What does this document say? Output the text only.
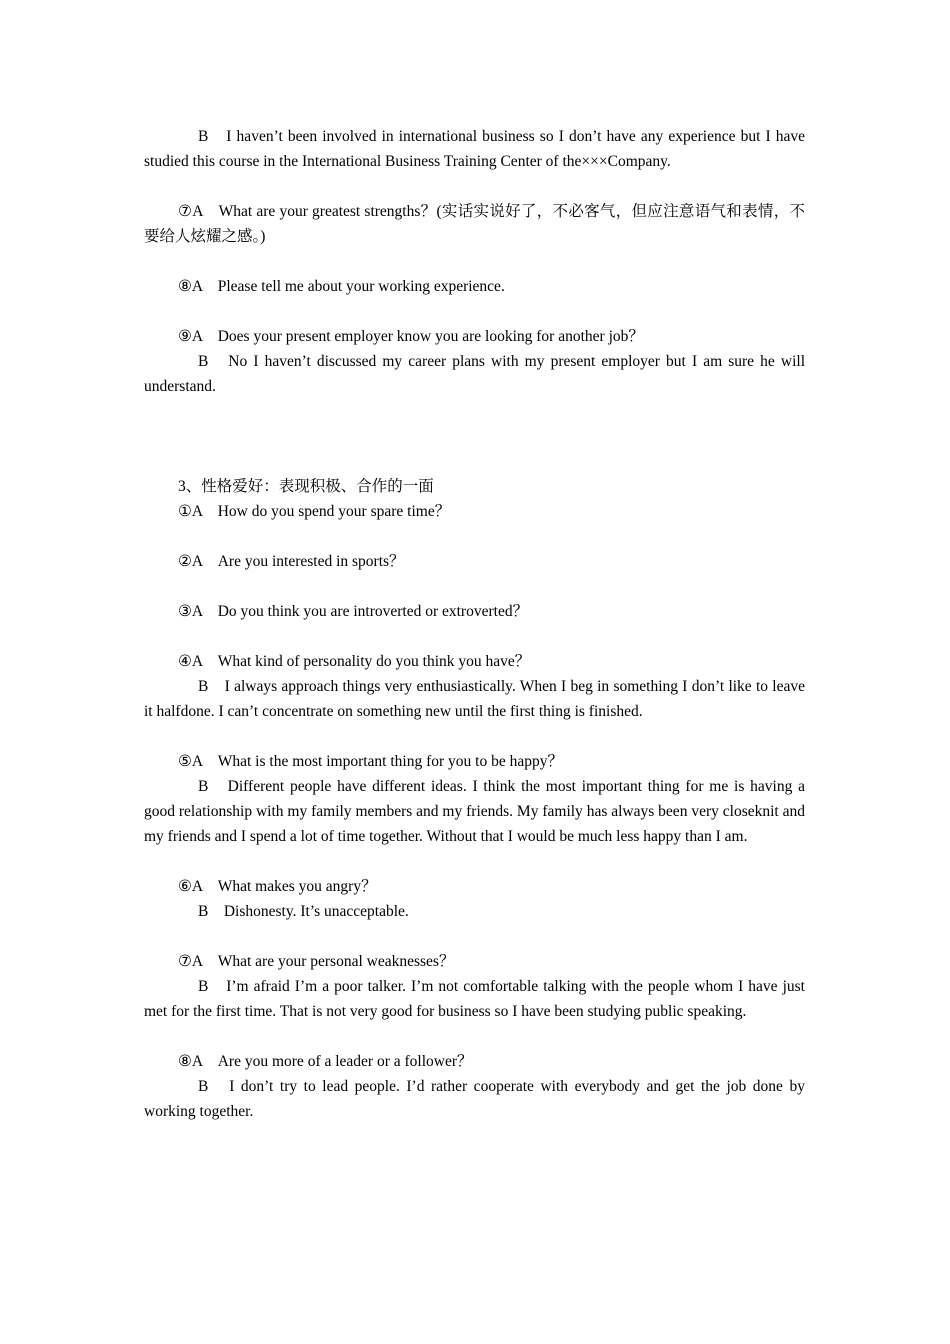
B　I haven’t been involved in international business so I don’t have any experience but I have studied this course in the International Business Training Center of the×××Company.
⑦A　What are your greatest strengths？(实话实说好了，不必客气，但应注意语气和表情，不要给人炫耀之感。)
⑧A　Please tell me about your working experience.
⑨A　Does your present employer know you are looking for another job？
B　No I haven’t discussed my career plans with my present employer but I am sure he will understand.
3、性格爱好：表现积极、合作的一面
①A　How do you spend your spare time？
②A　Are you interested in sports？
③A　Do you think you are introverted or extroverted？
④A　What kind of personality do you think you have？
B　I always approach things very enthusiastically. When I beg in something I don’t like to leave it halfdone. I can’t concentrate on something new until the first thing is finished.
⑤A　What is the most important thing for you to be happy？
B　Different people have different ideas. I think the most important thing for me is having a good relationship with my family members and my friends. My family has always been very closeknit and my friends and I spend a lot of time together. Without that I would be much less happy than I am.
⑥A　What makes you angry？
B　Dishonesty. It’s unacceptable.
⑦A　What are your personal weaknesses？
B　I’m afraid I’m a poor talker. I’m not comfortable talking with the people whom I have just met for the first time. That is not very good for business so I have been studying public speaking.
⑧A　Are you more of a leader or a follower？
B　I don’t try to lead people. I’d rather cooperate with everybody and get the job done by working together.
